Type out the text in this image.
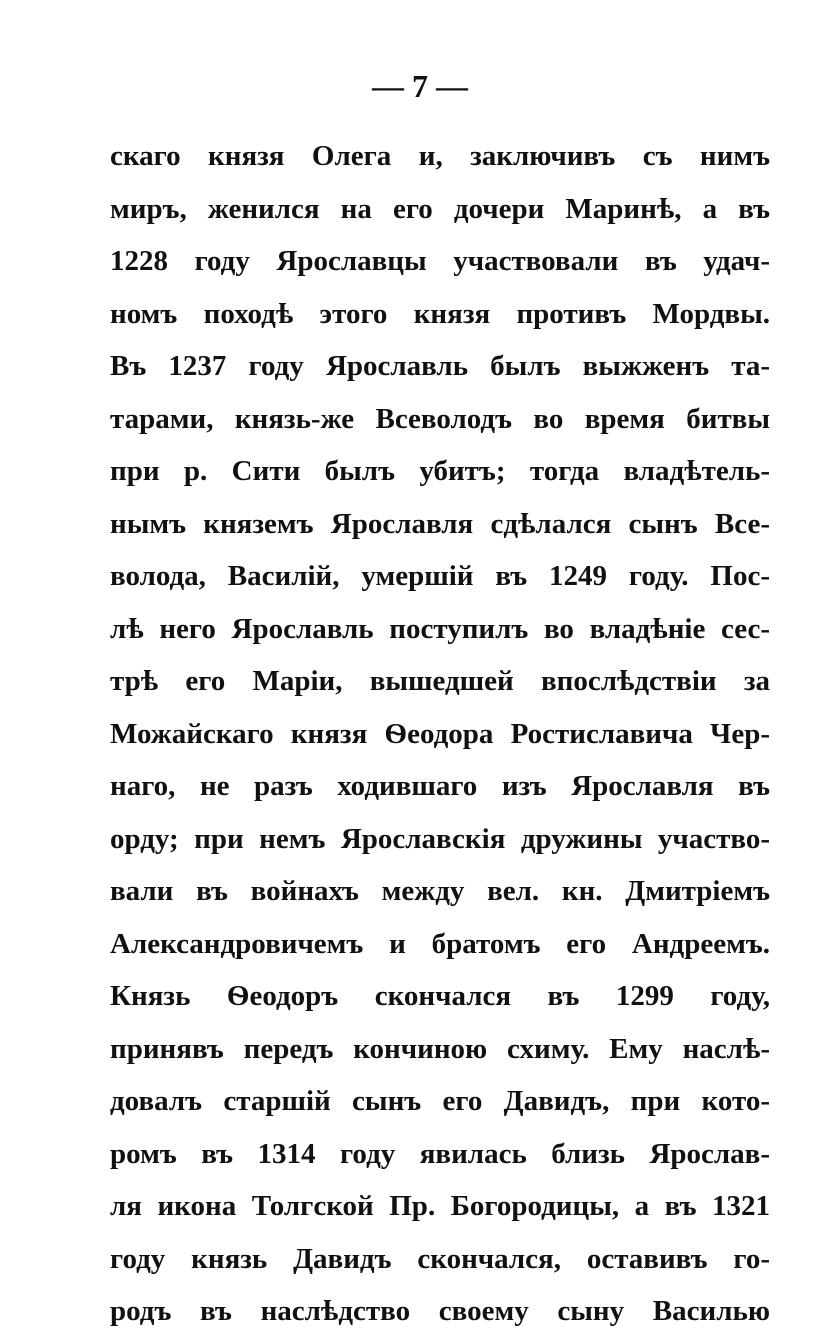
— 7 —
скаго князя Олега и, заключивъ съ нимъ
миръ, женился на его дочери Маринѣ, а въ
1228 году Ярославцы участвовали въ удач-
номъ походѣ этого князя противъ Мордвы.
Въ 1237 году Ярославль былъ выжженъ та-
тарами, князь-же Всеволодъ во время битвы
при р. Сити былъ убитъ; тогда владѣтель-
нымъ княземъ Ярославля сдѣлался сынъ Все-
волода, Василій, умершій въ 1249 году. Пос-
лѣ него Ярославль поступилъ во владѣніе сес-
трѣ его Маріи, вышедшей впослѣдствіи за
Можайскаго князя Ѳеодора Ростиславича Чер-
наго, не разъ ходившаго изъ Ярославля въ
орду; при немъ Ярославскія дружины участво-
вали въ войнахъ между вел. кн. Дмитріемъ
Александровичемъ и братомъ его Андреемъ.
Князь Ѳеодоръ скончался въ 1299 году,
принявъ передъ кончиною схиму. Ему наслѣ-
довалъ старшій сынъ его Давидъ, при кото-
ромъ въ 1314 году явилась близь Ярослав-
ля икона Толгской Пр. Богородицы, а въ 1321
году князь Давидъ скончался, оставивъ го-
родъ въ наслѣдство своему сыну Василью
